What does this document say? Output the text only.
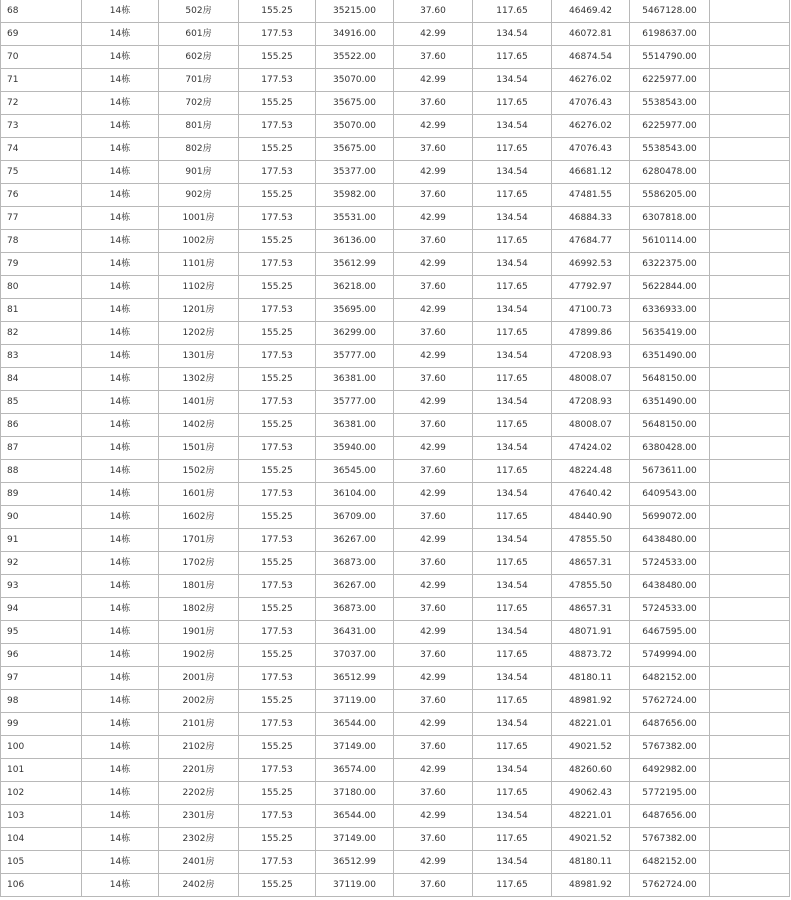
68	14栋	502房	155.25	35215.00	37.60	117.65	46469.42	5467128.00	
69	14栋	601房	177.53	34916.00	42.99	134.54	46072.81	6198637.00	
70	14栋	602房	155.25	35522.00	37.60	117.65	46874.54	5514790.00	
71	14栋	701房	177.53	35070.00	42.99	134.54	46276.02	6225977.00	
72	14栋	702房	155.25	35675.00	37.60	117.65	47076.43	5538543.00	
73	14栋	801房	177.53	35070.00	42.99	134.54	46276.02	6225977.00	
74	14栋	802房	155.25	35675.00	37.60	117.65	47076.43	5538543.00	
75	14栋	901房	177.53	35377.00	42.99	134.54	46681.12	6280478.00	
76	14栋	902房	155.25	35982.00	37.60	117.65	47481.55	5586205.00	
77	14栋	1001房	177.53	35531.00	42.99	134.54	46884.33	6307818.00	
78	14栋	1002房	155.25	36136.00	37.60	117.65	47684.77	5610114.00	
79	14栋	1101房	177.53	35612.99	42.99	134.54	46992.53	6322375.00	
80	14栋	1102房	155.25	36218.00	37.60	117.65	47792.97	5622844.00	
81	14栋	1201房	177.53	35695.00	42.99	134.54	47100.73	6336933.00	
82	14栋	1202房	155.25	36299.00	37.60	117.65	47899.86	5635419.00	
83	14栋	1301房	177.53	35777.00	42.99	134.54	47208.93	6351490.00	
84	14栋	1302房	155.25	36381.00	37.60	117.65	48008.07	5648150.00	
85	14栋	1401房	177.53	35777.00	42.99	134.54	47208.93	6351490.00	
86	14栋	1402房	155.25	36381.00	37.60	117.65	48008.07	5648150.00	
87	14栋	1501房	177.53	35940.00	42.99	134.54	47424.02	6380428.00	
88	14栋	1502房	155.25	36545.00	37.60	117.65	48224.48	5673611.00	
89	14栋	1601房	177.53	36104.00	42.99	134.54	47640.42	6409543.00	
90	14栋	1602房	155.25	36709.00	37.60	117.65	48440.90	5699072.00	
91	14栋	1701房	177.53	36267.00	42.99	134.54	47855.50	6438480.00	
92	14栋	1702房	155.25	36873.00	37.60	117.65	48657.31	5724533.00	
93	14栋	1801房	177.53	36267.00	42.99	134.54	47855.50	6438480.00	
94	14栋	1802房	155.25	36873.00	37.60	117.65	48657.31	5724533.00	
95	14栋	1901房	177.53	36431.00	42.99	134.54	48071.91	6467595.00	
96	14栋	1902房	155.25	37037.00	37.60	117.65	48873.72	5749994.00	
97	14栋	2001房	177.53	36512.99	42.99	134.54	48180.11	6482152.00	
98	14栋	2002房	155.25	37119.00	37.60	117.65	48981.92	5762724.00	
99	14栋	2101房	177.53	36544.00	42.99	134.54	48221.01	6487656.00	
100	14栋	2102房	155.25	37149.00	37.60	117.65	49021.52	5767382.00	
101	14栋	2201房	177.53	36574.00	42.99	134.54	48260.60	6492982.00	
102	14栋	2202房	155.25	37180.00	37.60	117.65	49062.43	5772195.00	
103	14栋	2301房	177.53	36544.00	42.99	134.54	48221.01	6487656.00	
104	14栋	2302房	155.25	37149.00	37.60	117.65	49021.52	5767382.00	
105	14栋	2401房	177.53	36512.99	42.99	134.54	48180.11	6482152.00	
106	14栋	2402房	155.25	37119.00	37.60	117.65	48981.92	5762724.00	
